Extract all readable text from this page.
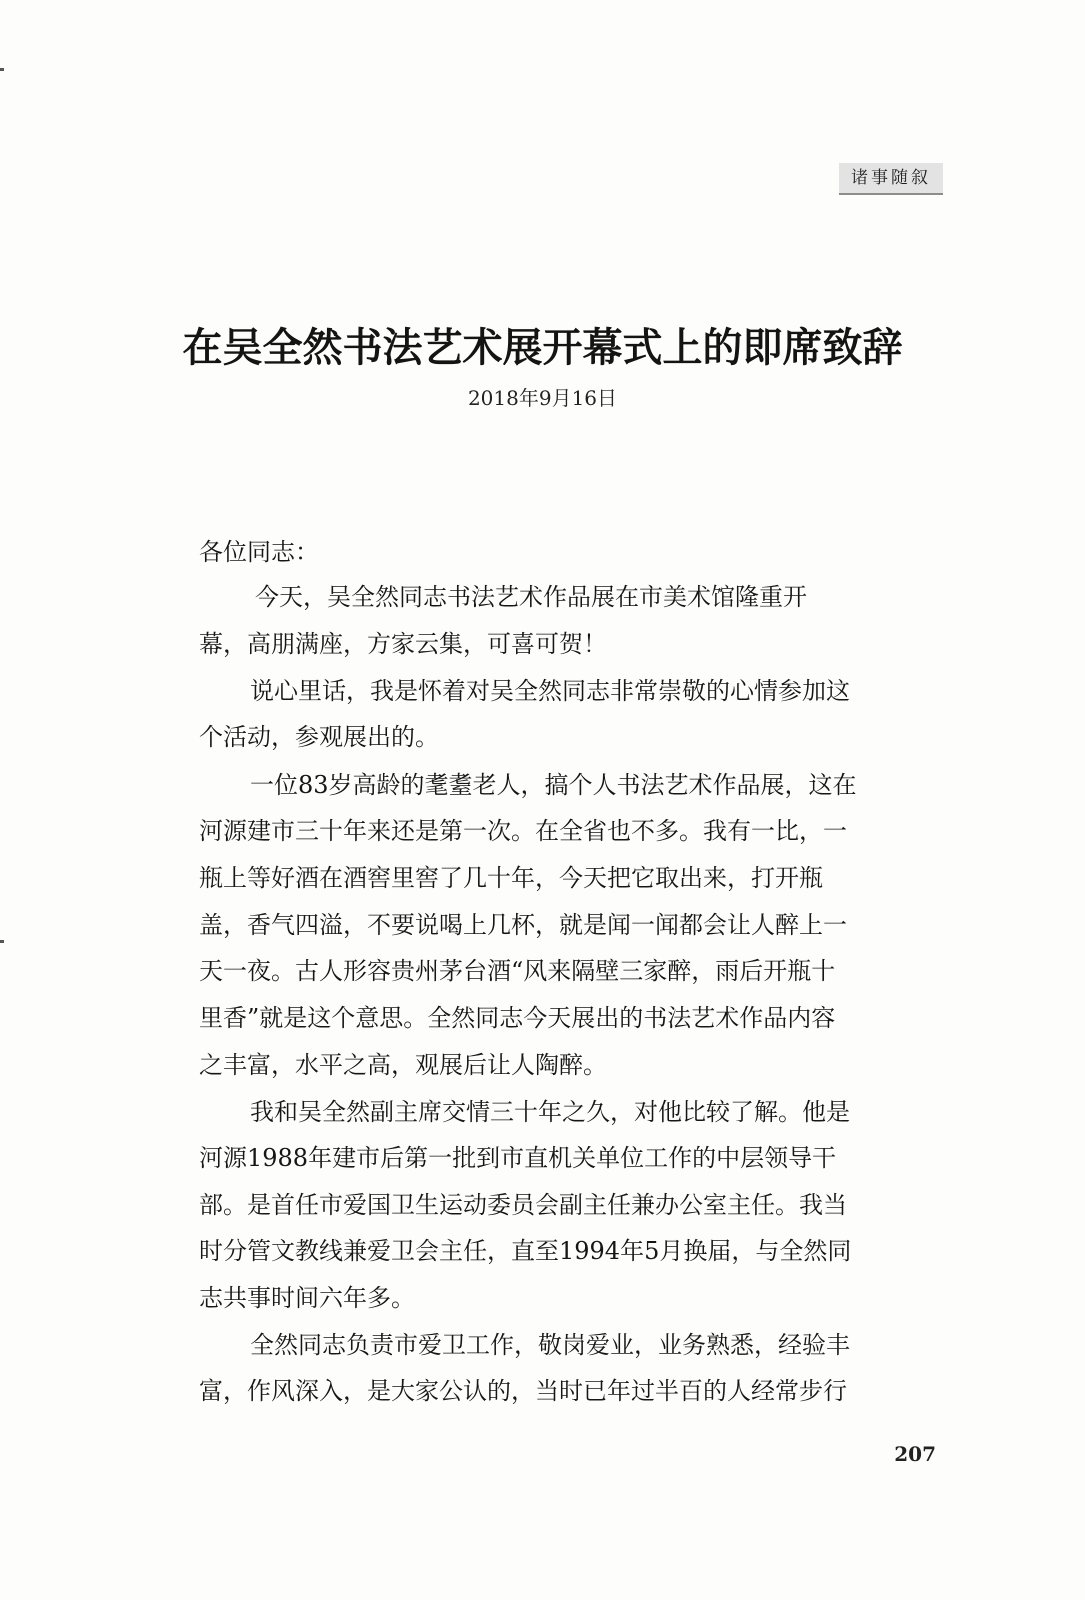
诸事随叙
在吴全然书法艺术展开幕式上的即席致辞
2018年9月16日
各位同志：
今天，吴全然同志书法艺术作品展在市美术馆隆重开
幕，高朋满座，方家云集，可喜可贺！
说心里话，我是怀着对吴全然同志非常崇敬的心情参加这
个活动，参观展出的。
一位83岁高龄的耄耋老人，搞个人书法艺术作品展，这在
河源建市三十年来还是第一次。在全省也不多。我有一比，一
瓶上等好酒在酒窖里窖了几十年，今天把它取出来，打开瓶
盖，香气四溢，不要说喝上几杯，就是闻一闻都会让人醉上一
天一夜。古人形容贵州茅台酒“风来隔壁三家醉，雨后开瓶十
里香”就是这个意思。全然同志今天展出的书法艺术作品内容
之丰富，水平之高，观展后让人陶醉。
我和吴全然副主席交情三十年之久，对他比较了解。他是
河源1988年建市后第一批到市直机关单位工作的中层领导干
部。是首任市爱国卫生运动委员会副主任兼办公室主任。我当
时分管文教线兼爱卫会主任，直至1994年5月换届，与全然同
志共事时间六年多。
全然同志负责市爱卫工作，敬岗爱业，业务熟悉，经验丰
富，作风深入，是大家公认的，当时已年过半百的人经常步行
207
